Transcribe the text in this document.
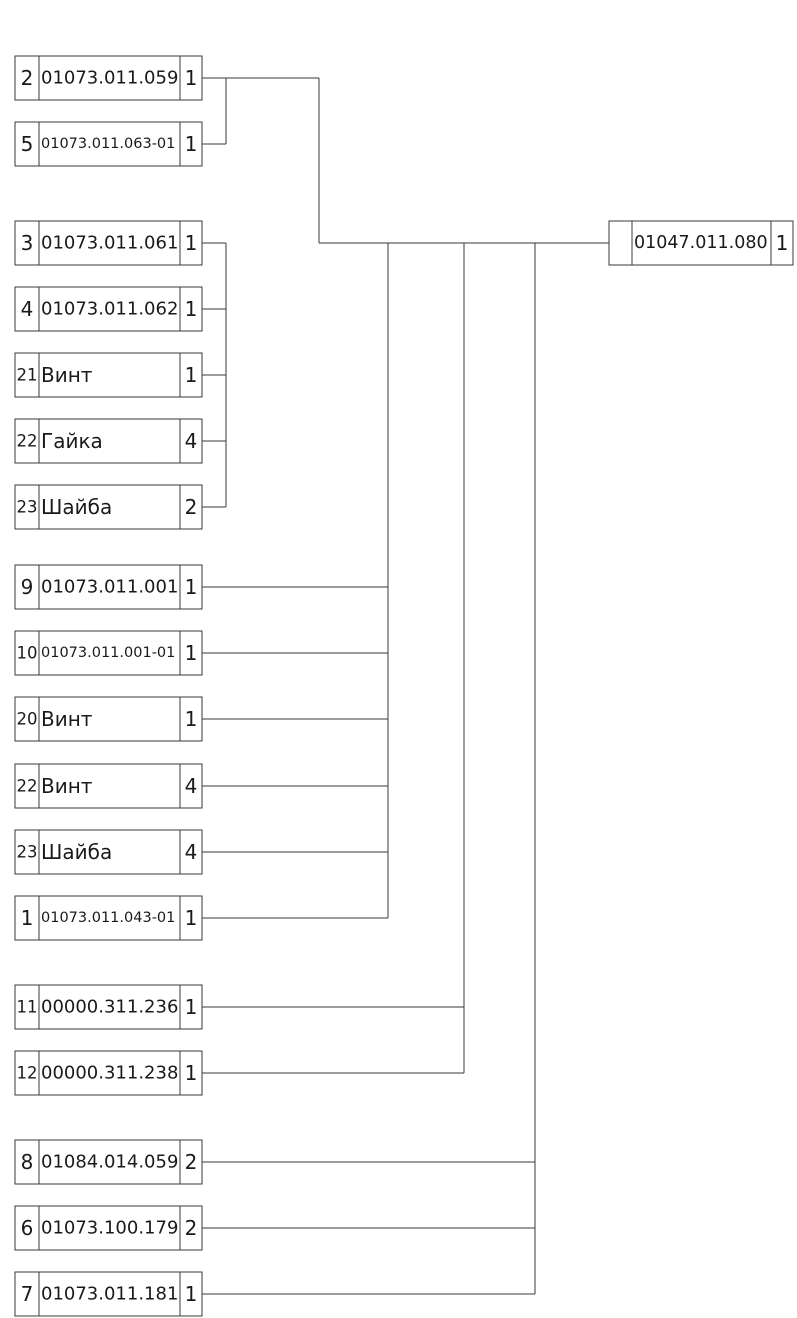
01047.011.080 1
2 01073.011.059 1
5 01073.011.063-01 1
3 01073.011.061 1
4 01073.011.062 1
21 Винт	1
22 Гайка	4
23 Шайба	2
9 01073.011.001 1
10 01073.011.001-01 1
20 Винт	1
22 Винт	4
23 Шайба	4
1 01073.011.043-01 1
11 00000.311.236 1
12 00000.311.238 1
8 01084.014.059 2
6 01073.100.179 2
7 01073.011.181 1
